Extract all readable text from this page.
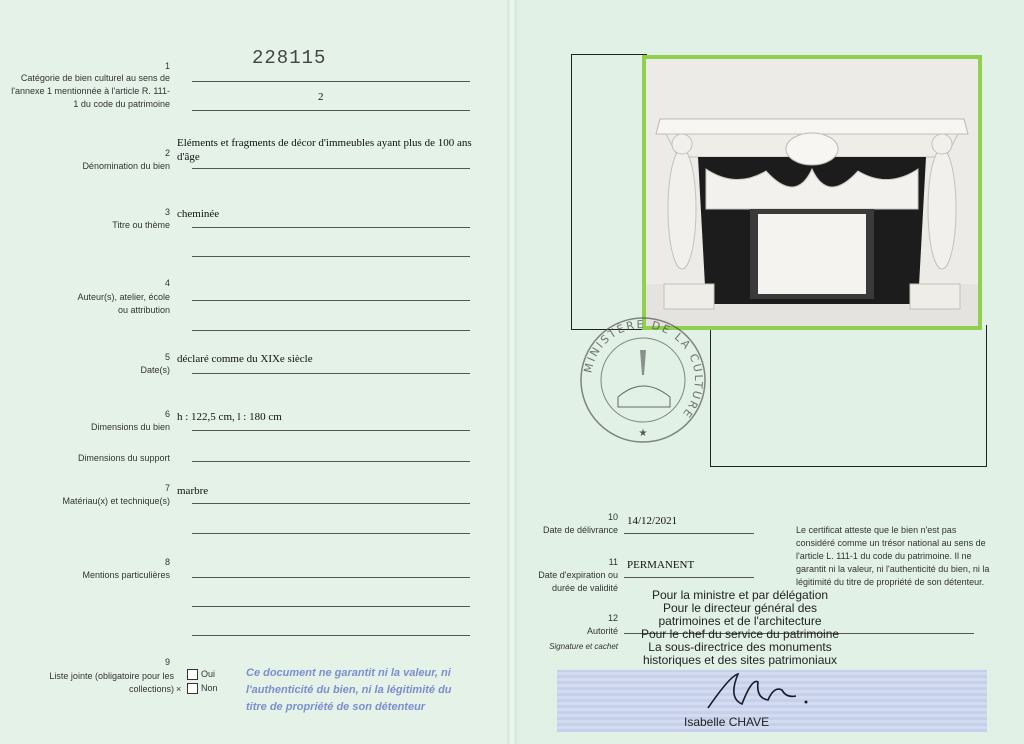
228115
1
Catégorie de bien culturel au sens de l'annexe 1 mentionnée à l'article R. 111-1 du code du patrimoine
2
Eléments et fragments de décor d'immeubles ayant plus de 100 ans d'âge
2
Dénomination du bien
3 cheminée
Titre ou thème
4
Auteur(s), atelier, école ou attribution
5 déclaré comme du XIXe siècle
Date(s)
6 h : 122,5 cm, l : 180 cm
Dimensions du bien
Dimensions du support
7 marbre
Matériau(x) et technique(s)
8
Mentions particulières
9
Liste jointe (obligatoire pour les collections) ×
Oui
Non
Ce document ne garantit ni la valeur, ni l'authenticité du bien, ni la légitimité du titre de propriété de son détenteur
MINISTÈRE DE LA CULTURE
★
10
Date de délivrance
14/12/2021
11 PERMANENT
Date d'expiration ou durée de validité
12
Autorité
Signature et cachet
Le certificat atteste que le bien n'est pas considéré comme un trésor national au sens de l'article L. 111-1 du code du patrimoine. Il ne garantit ni la valeur, ni l'authenticité du bien, ni la légitimité du titre de propriété de son détenteur.
Pour la ministre et par délégation
Pour le directeur général des
patrimoines et de l'architecture
Pour le chef du service du patrimoine
La sous-directrice des monuments
historiques et des sites patrimoniaux
Isabelle CHAVE
